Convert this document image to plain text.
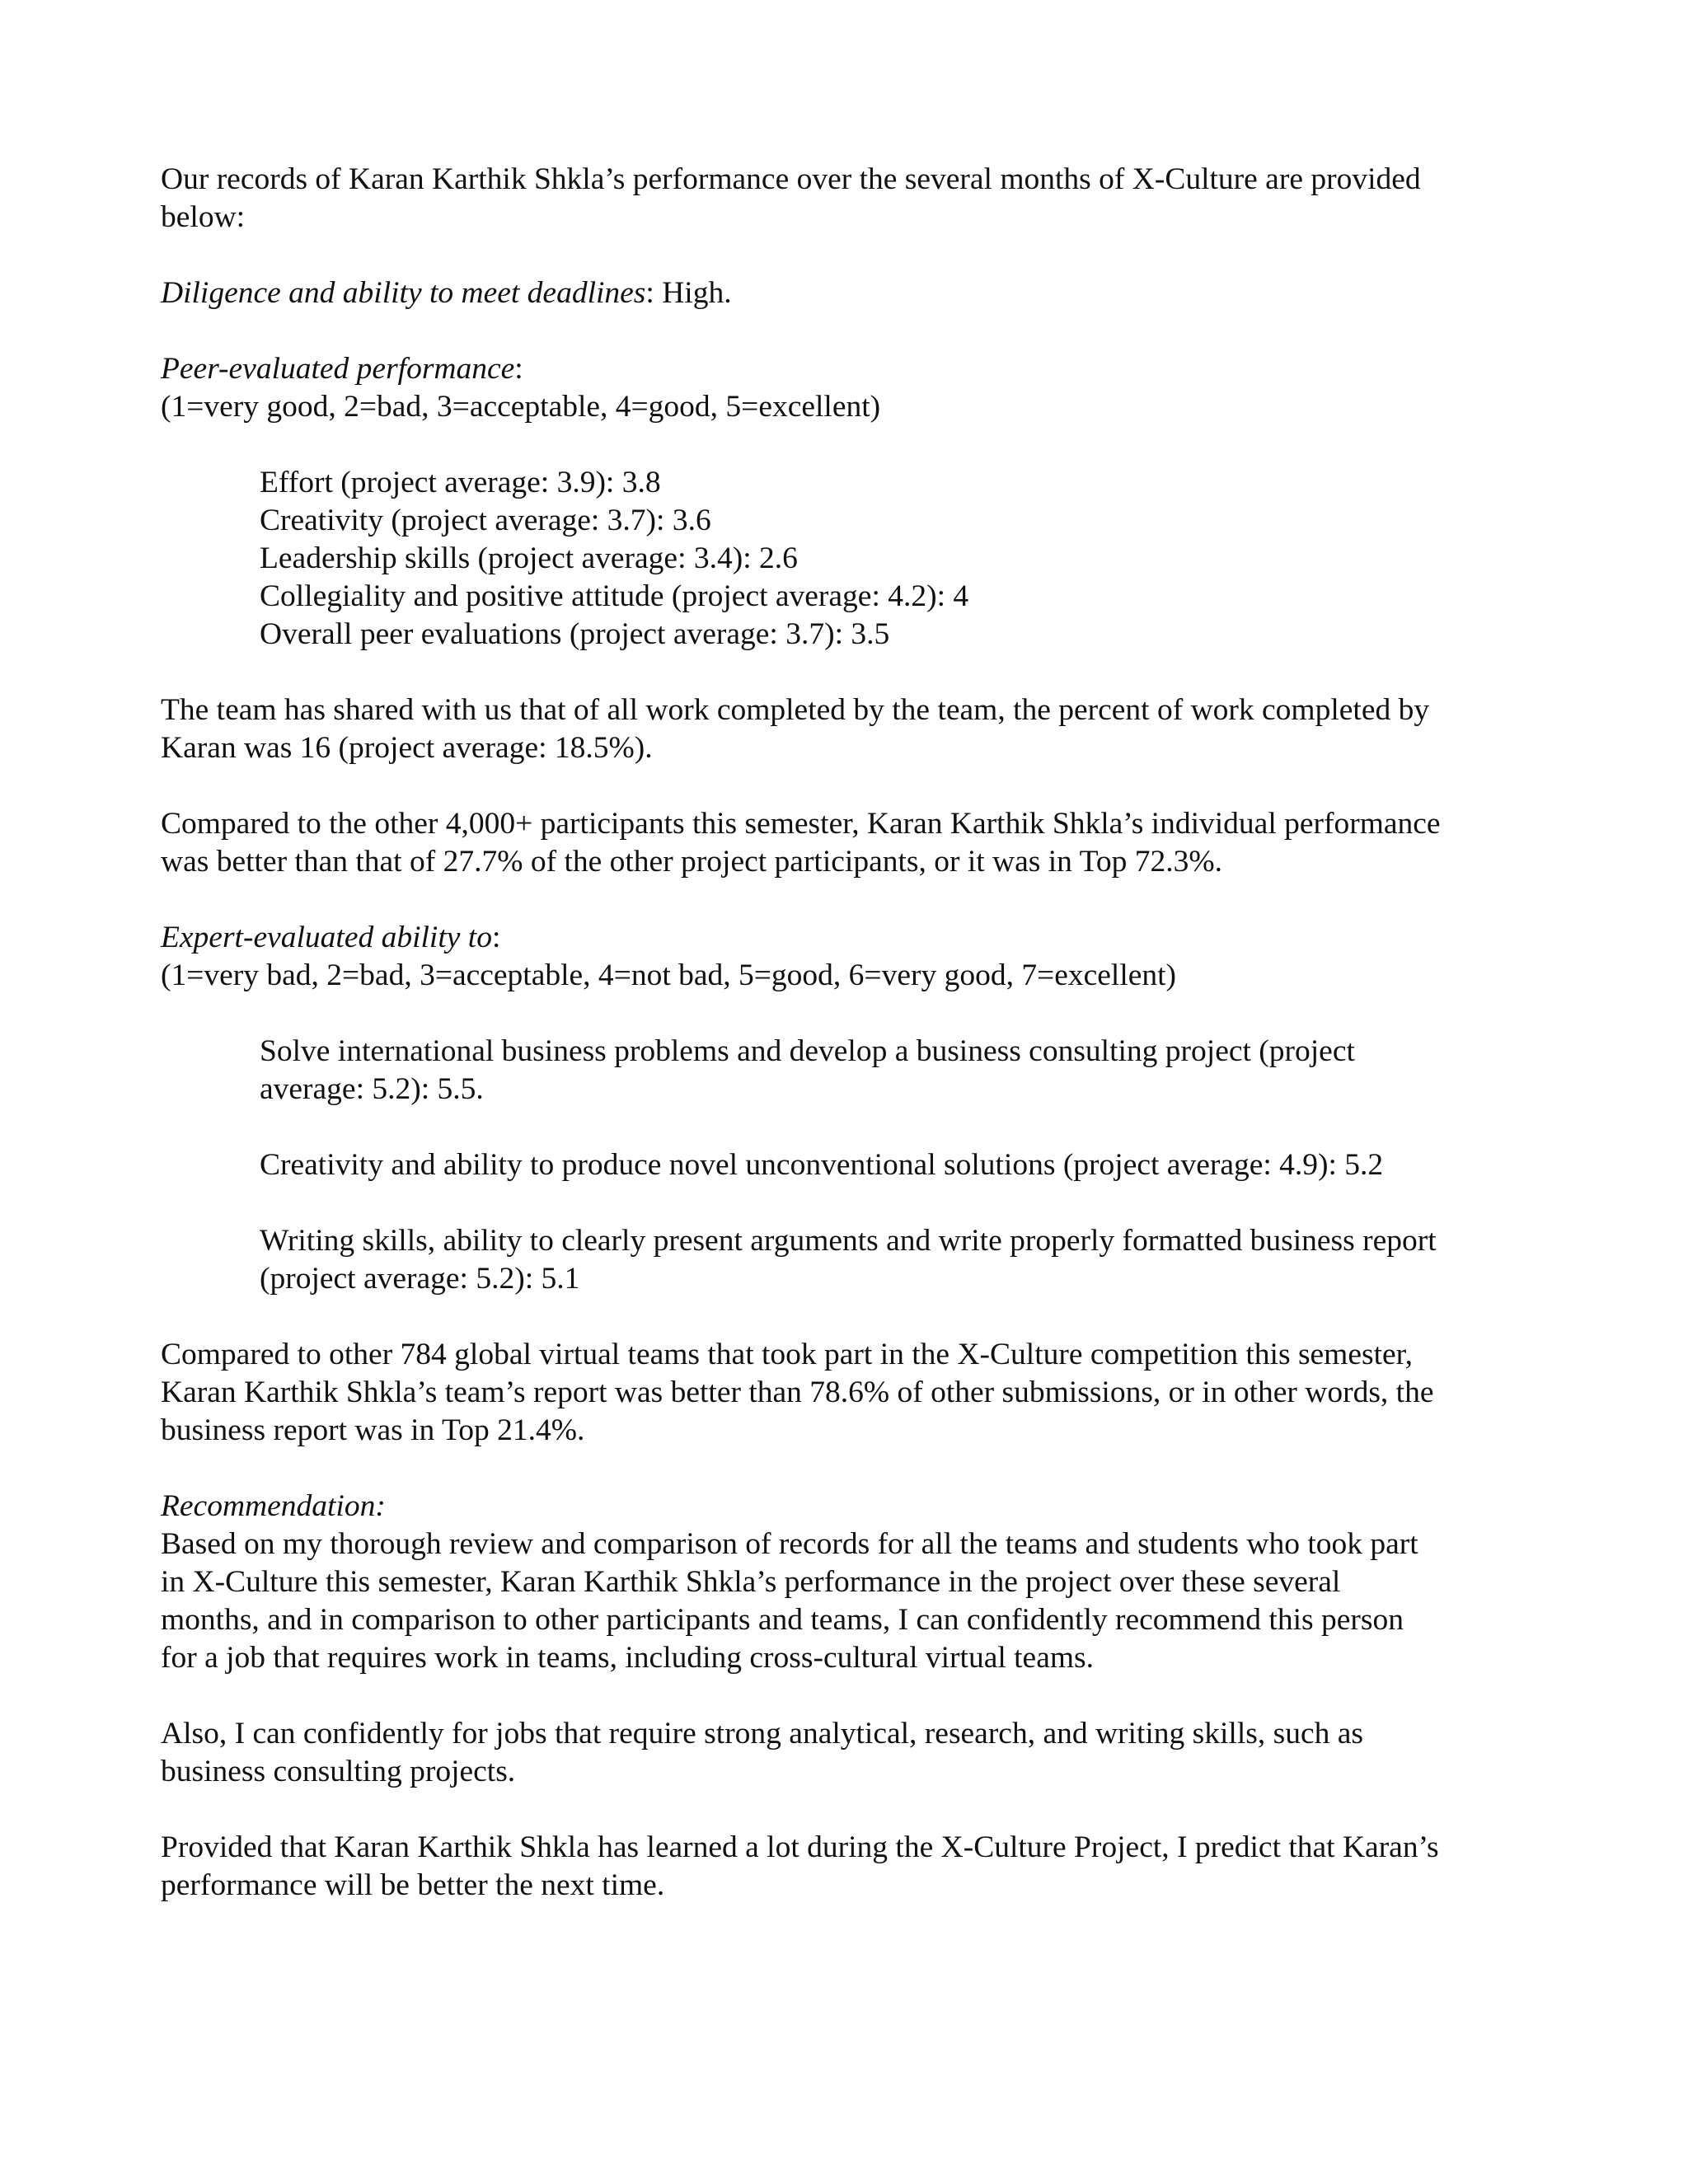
Our records of Karan Karthik Shkla’s performance over the several months of X-Culture are provided
below:
Diligence and ability to meet deadlines: High.
Peer-evaluated performance:
(1=very good, 2=bad, 3=acceptable, 4=good, 5=excellent)
Effort (project average: 3.9): 3.8
Creativity (project average: 3.7): 3.6
Leadership skills (project average: 3.4): 2.6
Collegiality and positive attitude (project average: 4.2): 4
Overall peer evaluations (project average: 3.7): 3.5
The team has shared with us that of all work completed by the team, the percent of work completed by
Karan was 16 (project average: 18.5%).
Compared to the other 4,000+ participants this semester, Karan Karthik Shkla’s individual performance
was better than that of 27.7% of the other project participants, or it was in Top 72.3%.
Expert-evaluated ability to:
(1=very bad, 2=bad, 3=acceptable, 4=not bad, 5=good, 6=very good, 7=excellent)
Solve international business problems and develop a business consulting project (project
average: 5.2): 5.5.
Creativity and ability to produce novel unconventional solutions (project average: 4.9): 5.2
Writing skills, ability to clearly present arguments and write properly formatted business report
(project average: 5.2): 5.1
Compared to other 784 global virtual teams that took part in the X-Culture competition this semester,
Karan Karthik Shkla’s team’s report was better than 78.6% of other submissions, or in other words, the
business report was in Top 21.4%.
Recommendation:
Based on my thorough review and comparison of records for all the teams and students who took part
in X-Culture this semester, Karan Karthik Shkla’s performance in the project over these several
months, and in comparison to other participants and teams, I can confidently recommend this person
for a job that requires work in teams, including cross-cultural virtual teams.
Also, I can confidently for jobs that require strong analytical, research, and writing skills, such as
business consulting projects.
Provided that Karan Karthik Shkla has learned a lot during the X-Culture Project, I predict that Karan’s
performance will be better the next time.
